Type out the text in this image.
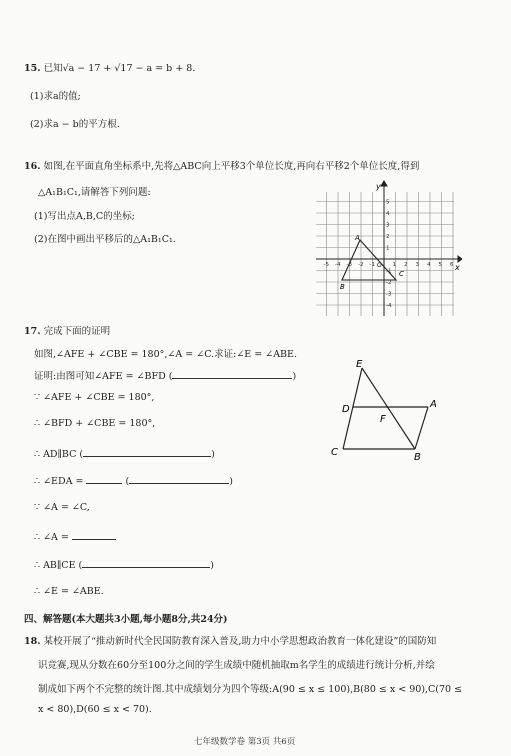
15. 已知√a − 17 + √17 − a = b + 8.
(1)求a的值;
(2)求a − b的平方根.
16. 如图,在平面直角坐标系中,先将△ABC向上平移3个单位长度,再向右平移2个单位长度,得到
△A₁B₁C₁,请解答下列问题:
(1)写出点A,B,C的坐标;
(2)在图中画出平移后的△A₁B₁C₁.
y
x
O
-5 -4 -3 -2 -1	1 2 3 4 5 6
5
4
3
2
1
-1
-2
-3
-4
A
B
C
17. 完成下面的证明
如图,∠AFE + ∠CBE = 180°,∠A = ∠C.求证:∠E = ∠ABE.
证明:由图可知∠AFE = ∠BFD (	)
∵ ∠AFE + ∠CBE = 180°,
∴ ∠BFD + ∠CBE = 180°,
∴ AD∥BC (	)
∴ ∠EDA =	(	)
∵ ∠A = ∠C,
∴ ∠A =
∴ AB∥CE (	)
∴ ∠E = ∠ABE.
E
D	A
F
C	B
四、解答题(本大题共3小题,每小题8分,共24分)
18. 某校开展了“推动新时代全民国防教育深入普及,助力中小学思想政治教育一体化建设”的国防知
识竞赛,现从分数在60分至100分之间的学生成绩中随机抽取m名学生的成绩进行统计分析,并绘
制成如下两个不完整的统计图.其中成绩划分为四个等级:A(90 ≤ x ≤ 100),B(80 ≤ x < 90),C(70 ≤
x < 80),D(60 ≤ x < 70).
七年级数学卷 第3页 共6页
